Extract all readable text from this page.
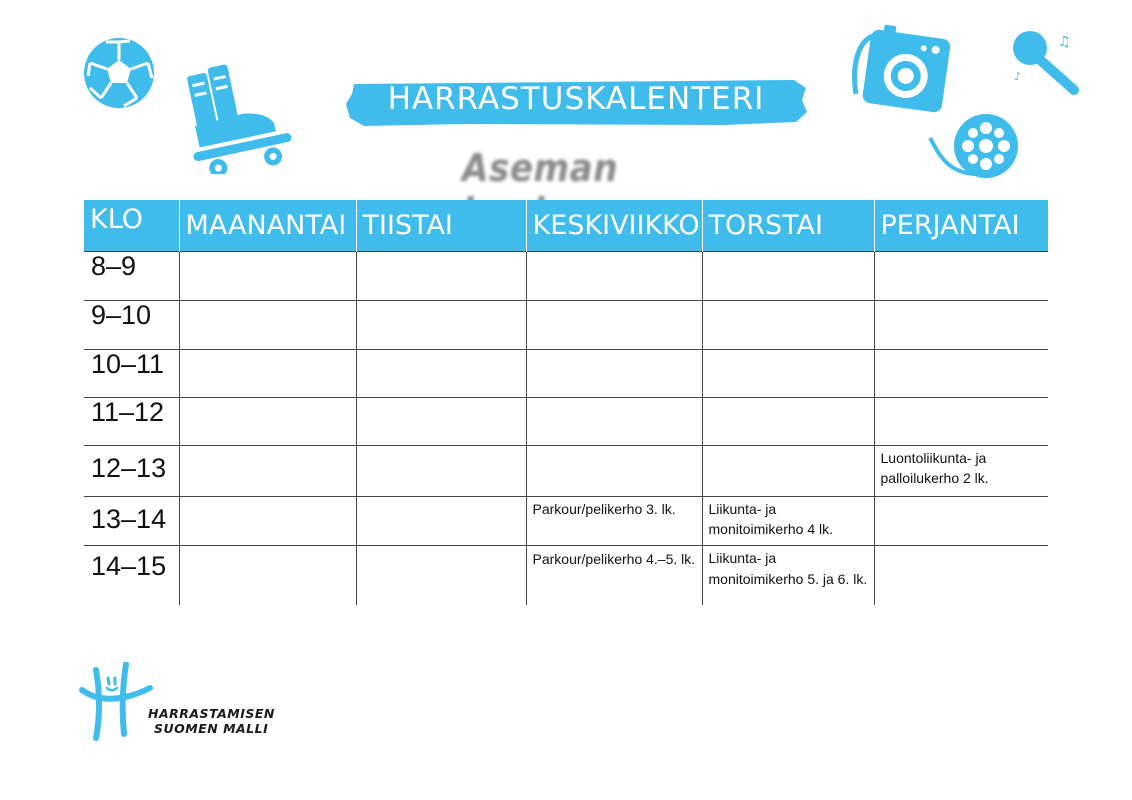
HARRASTUSKALENTERI
Aseman
♫
♪
KLO	MAANANTAI	TIISTAI	KESKIVIIKKO	TORSTAI	PERJANTAI
8–9					
9–10					
10–11					
11–12					
12–13					Luontoliikunta- ja palloilukerho 2 lk.
13–14			Parkour/pelikerho 3. lk.	Liikunta- ja monitoimikerho 4 lk.	
14–15			Parkour/pelikerho 4.–5. lk.	Liikunta- ja monitoimikerho 5. ja 6. lk.	
HARRASTAMISEN
SUOMEN MALLI
